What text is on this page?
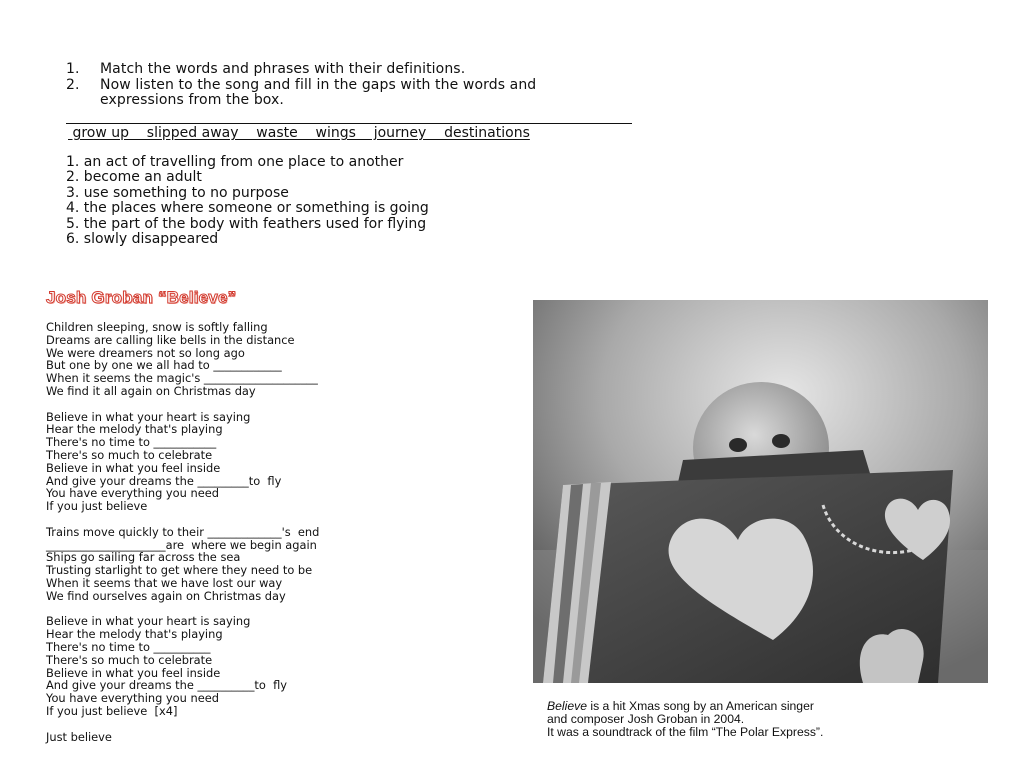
1. Match the words and phrases with their definitions.
2. Now listen to the song and fill in the gaps with the words and
expressions from the box.
grow up    slipped away    waste    wings    journey    destinations
1. an act of travelling from one place to another
2. become an adult
3. use something to no purpose
4. the places where someone or something is going
5. the part of the body with feathers used for flying
6. slowly disappeared
Josh Groban “Believe”
Children sleeping, snow is softly falling
Dreams are calling like bells in the distance
We were dreamers not so long ago
But one by one we all had to ____________
When it seems the magic's ____________________
We find it all again on Christmas day
Believe in what your heart is saying
Hear the melody that's playing
There's no time to ___________
There's so much to celebrate
Believe in what you feel inside
And give your dreams the _________to  fly
You have everything you need
If you just believe
Trains move quickly to their _____________'s  end
_____________________are  where we begin again
Ships go sailing far across the sea
Trusting starlight to get where they need to be
When it seems that we have lost our way
We find ourselves again on Christmas day
Believe in what your heart is saying
Hear the melody that's playing
There's no time to __________
There's so much to celebrate
Believe in what you feel inside
And give your dreams the __________to  fly
You have everything you need
If you just believe  [x4]
Just believe
Believe is a hit Xmas song by an American singer
and composer Josh Groban in 2004.
It was a soundtrack of the film “The Polar Express”.
